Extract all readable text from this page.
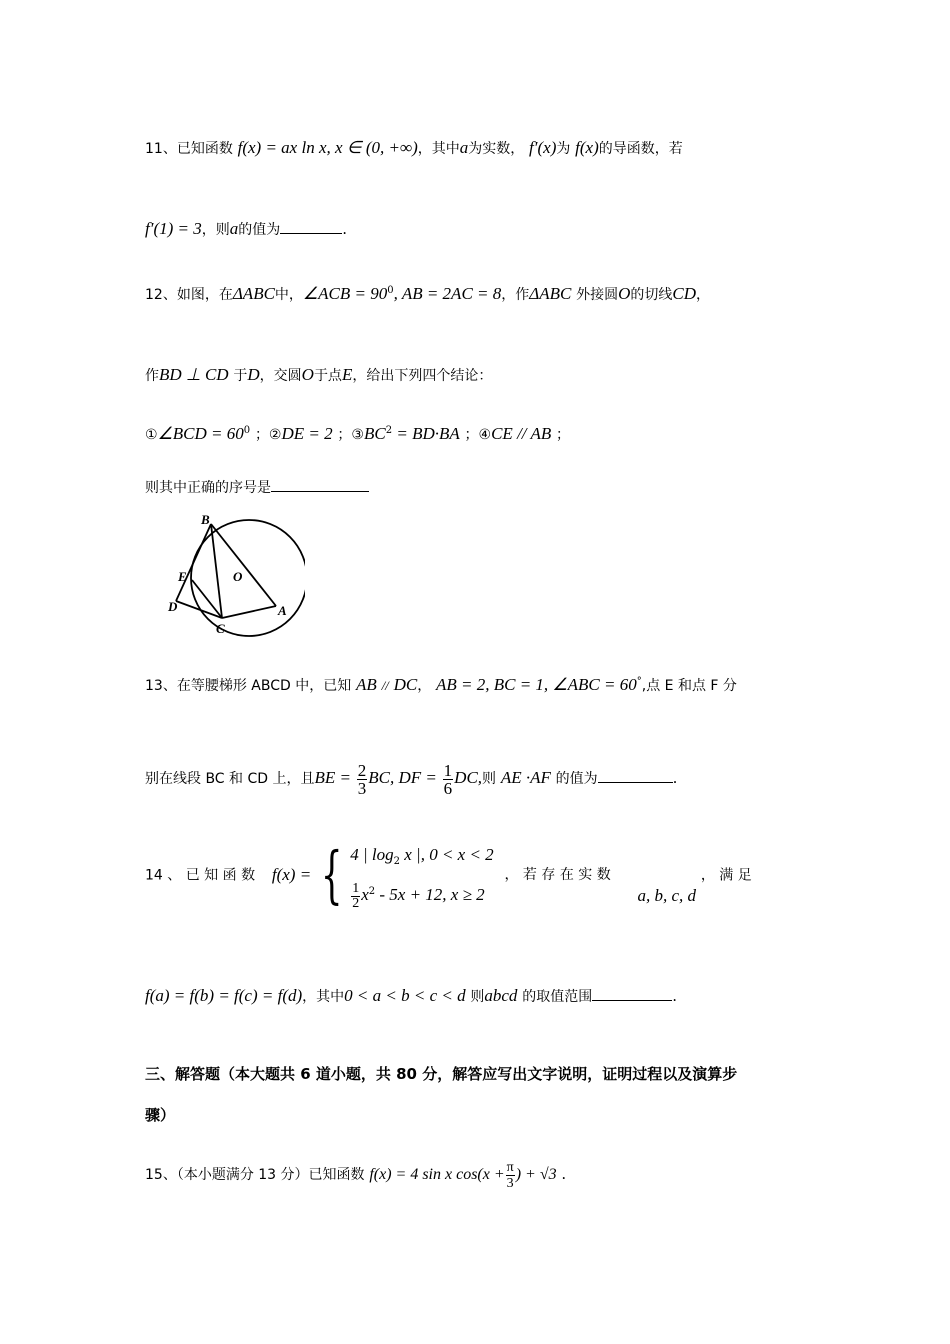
11、已知函数 f(x) = ax ln x, x ∈ (0, +∞)，其中a为实数， f′(x)为 f(x)的导函数，若
f′(1) = 3，则a的值为	.
12、如图，在ΔABC中，∠ACB = $90^0$, AB = 2AC = 8，作ΔABC 外接圆O的切线CD，
作BD ⊥ CD 于D，交圆O于点E，给出下列四个结论：
①∠BCD = $60^0$ ；②DE = 2 ；$③BC^2 = BD\cdot BA$ ；④CE // AB ；
则其中正确的序号是
B
E	O
D
C
A
13、在等腰梯形 ABCD 中，已知 AB // DC， AB = 2, BC = 1, ∠ABC = 60°,点 E 和点 F 分
别在线段 BC 和 CD 上，且BE = $\frac{2}{3}$ BC, DF = $\frac{1}{6}$ DC,则 AE ·AF 的值为	.
14 、 已 知 函 数 f(x) = { 4 | $\log_2 x$ |, 0 < x < 2
$\frac{1}{2} x^2 - 5x + 12$, x ≥ 2
， 若 存 在 实 数 a, b, c, d ， 满 足
f(a) = f(b) = f(c) = f(d)，其中0 < a < b < c < d 则abcd 的取值范围	.
三、解答题（本大题共 6 道小题，共 80 分，解答应写出文字说明，证明过程以及演算步
骤）
15、（本小题满分 13 分）已知函数 f(x) = 4 sin x $\cos(x + \frac{\pi}{3}$ ) + √3 .
